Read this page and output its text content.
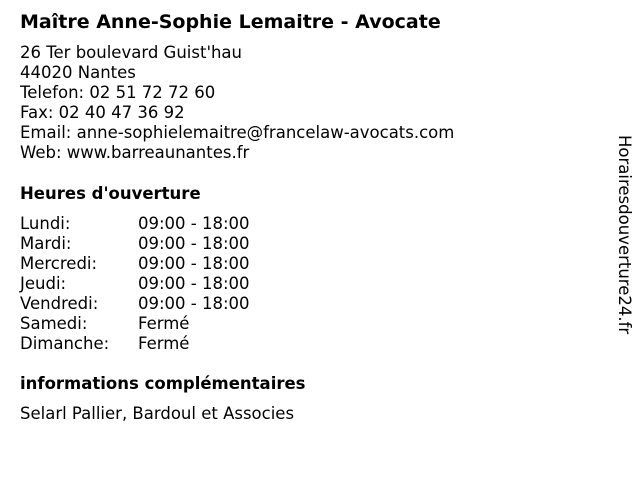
Maître Anne-Sophie Lemaitre - Avocate
26 Ter boulevard Guist'hau
44020 Nantes
Telefon: 02 51 72 72 60
Fax: 02 40 47 36 92
Email: anne-sophielemaitre@francelaw-avocats.com
Web: www.barreaunantes.fr
Heures d'ouverture
Lundi:	09:00 - 18:00
Mardi:	09:00 - 18:00
Mercredi:	09:00 - 18:00
Jeudi:	09:00 - 18:00
Vendredi:	09:00 - 18:00
Samedi:	Fermé
Dimanche:	Fermé
informations complémentaires
Selarl Pallier, Bardoul et Associes
Horairesdouverture24.fr
